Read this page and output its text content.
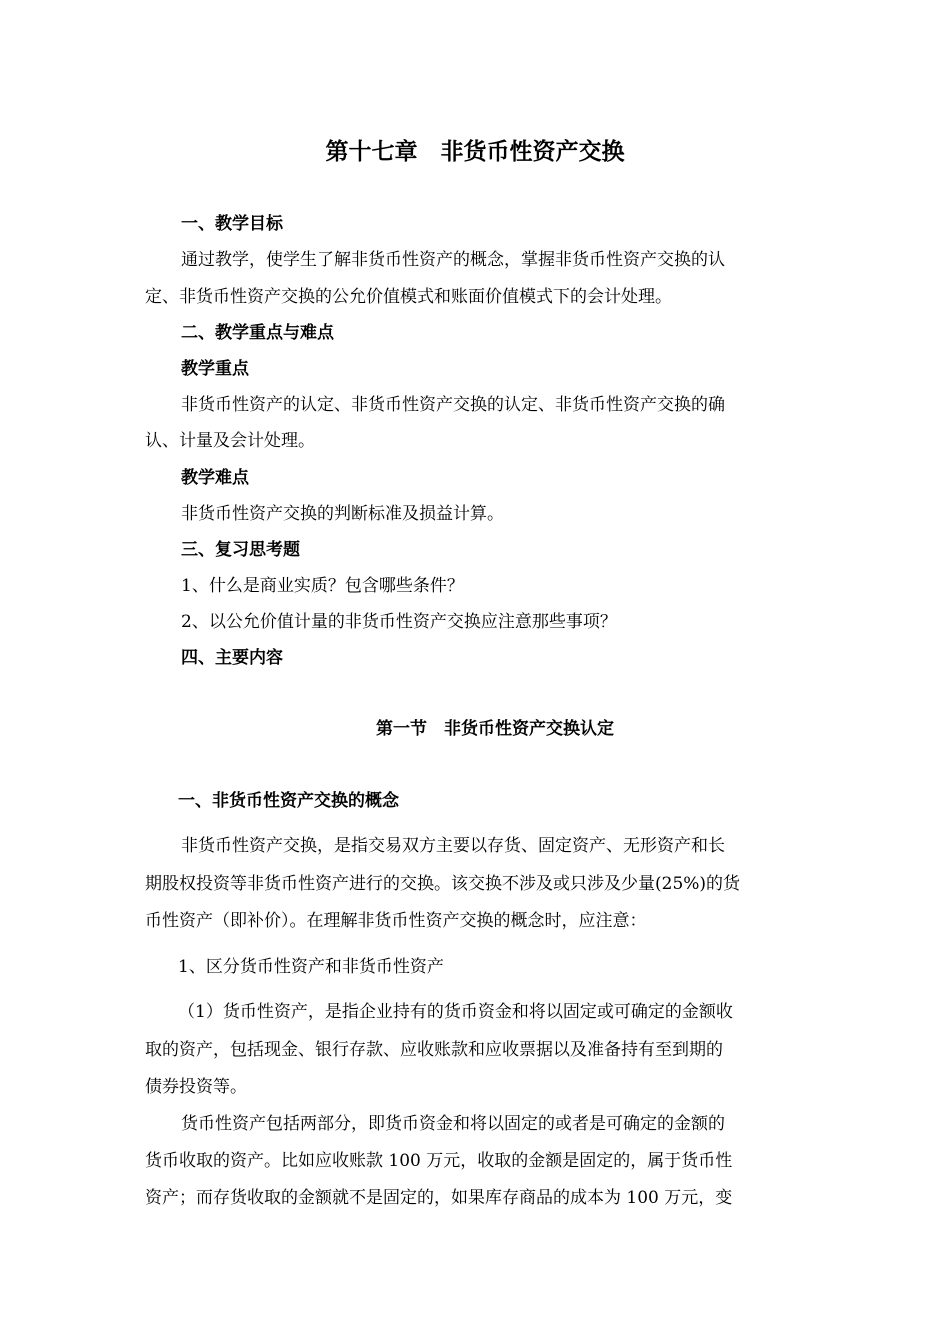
第十七章　非货币性资产交换
一、教学目标
通过教学，使学生了解非货币性资产的概念，掌握非货币性资产交换的认
定、非货币性资产交换的公允价值模式和账面价值模式下的会计处理。
二、教学重点与难点
教学重点
非货币性资产的认定、非货币性资产交换的认定、非货币性资产交换的确
认、计量及会计处理。
教学难点
非货币性资产交换的判断标准及损益计算。
三、复习思考题
1、什么是商业实质？包含哪些条件？
2、以公允价值计量的非货币性资产交换应注意那些事项？
四、主要内容
第一节　非货币性资产交换认定
一、非货币性资产交换的概念
非货币性资产交换，是指交易双方主要以存货、固定资产、无形资产和长
期股权投资等非货币性资产进行的交换。该交换不涉及或只涉及少量(25%)的货
币性资产（即补价）。在理解非货币性资产交换的概念时，应注意：
1、区分货币性资产和非货币性资产
（1）货币性资产，是指企业持有的货币资金和将以固定或可确定的金额收
取的资产，包括现金、银行存款、应收账款和应收票据以及准备持有至到期的
债券投资等。
货币性资产包括两部分，即货币资金和将以固定的或者是可确定的金额的
货币收取的资产。比如应收账款 100 万元，收取的金额是固定的，属于货币性
资产；而存货收取的金额就不是固定的，如果库存商品的成本为 100 万元，变
